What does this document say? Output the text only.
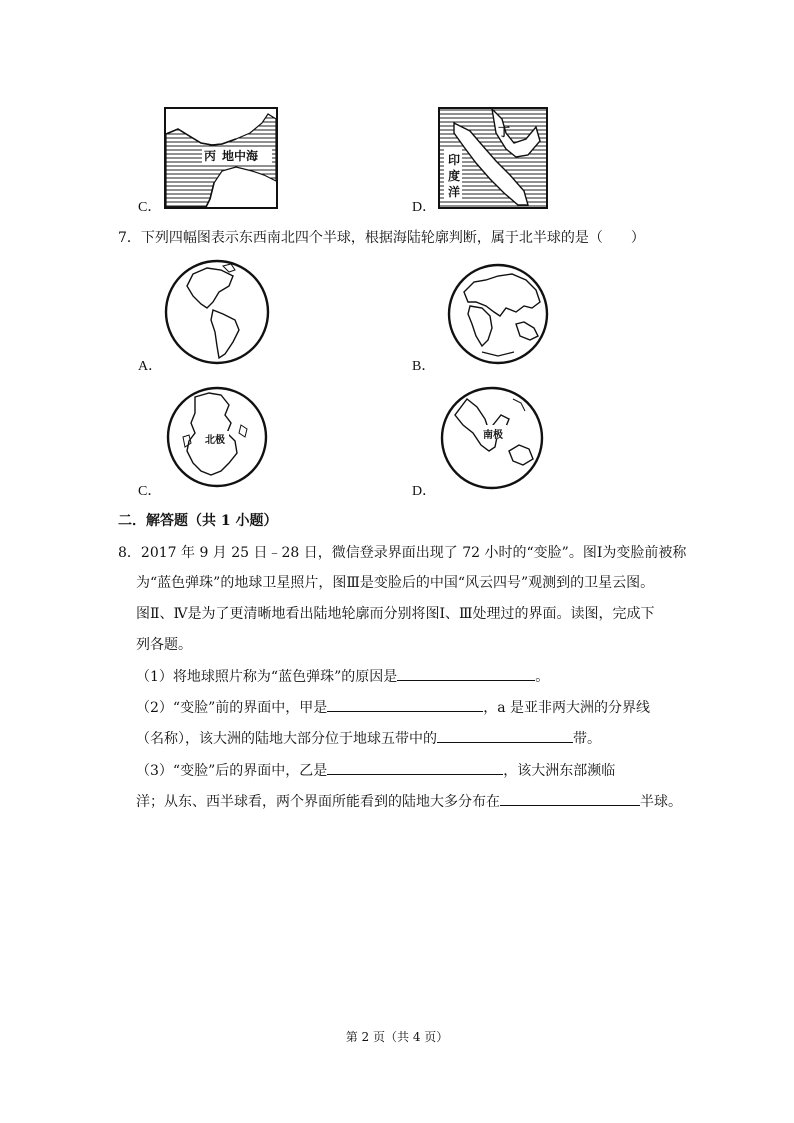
丙 地中海
C．
丁
印
度
洋
D．
7．下列四幅图表示东西南北四个半球，根据海陆轮廓判断，属于北半球的是（　　）
A．	B．
北极
C．
南极
D．
二．解答题（共 1 小题）
8．2017 年 9 月 25 日﹣28 日，微信登录界面出现了 72 小时的“变脸”。图Ⅰ为变脸前被称
为“蓝色弹珠”的地球卫星照片，图Ⅲ是变脸后的中国“风云四号”观测到的卫星云图。
图Ⅱ、Ⅳ是为了更清晰地看出陆地轮廓而分别将图Ⅰ、Ⅲ处理过的界面。读图，完成下
列各题。
（1）将地球照片称为“蓝色弹珠”的原因是	。
（2）“变脸”前的界面中，甲是	，a 是亚非两大洲的分界线
（名称），该大洲的陆地大部分位于地球五带中的	带。
（3）“变脸”后的界面中，乙是	，该大洲东部濒临
洋；从东、西半球看，两个界面所能看到的陆地大多分布在	半球。
第 2 页（共 4 页）
